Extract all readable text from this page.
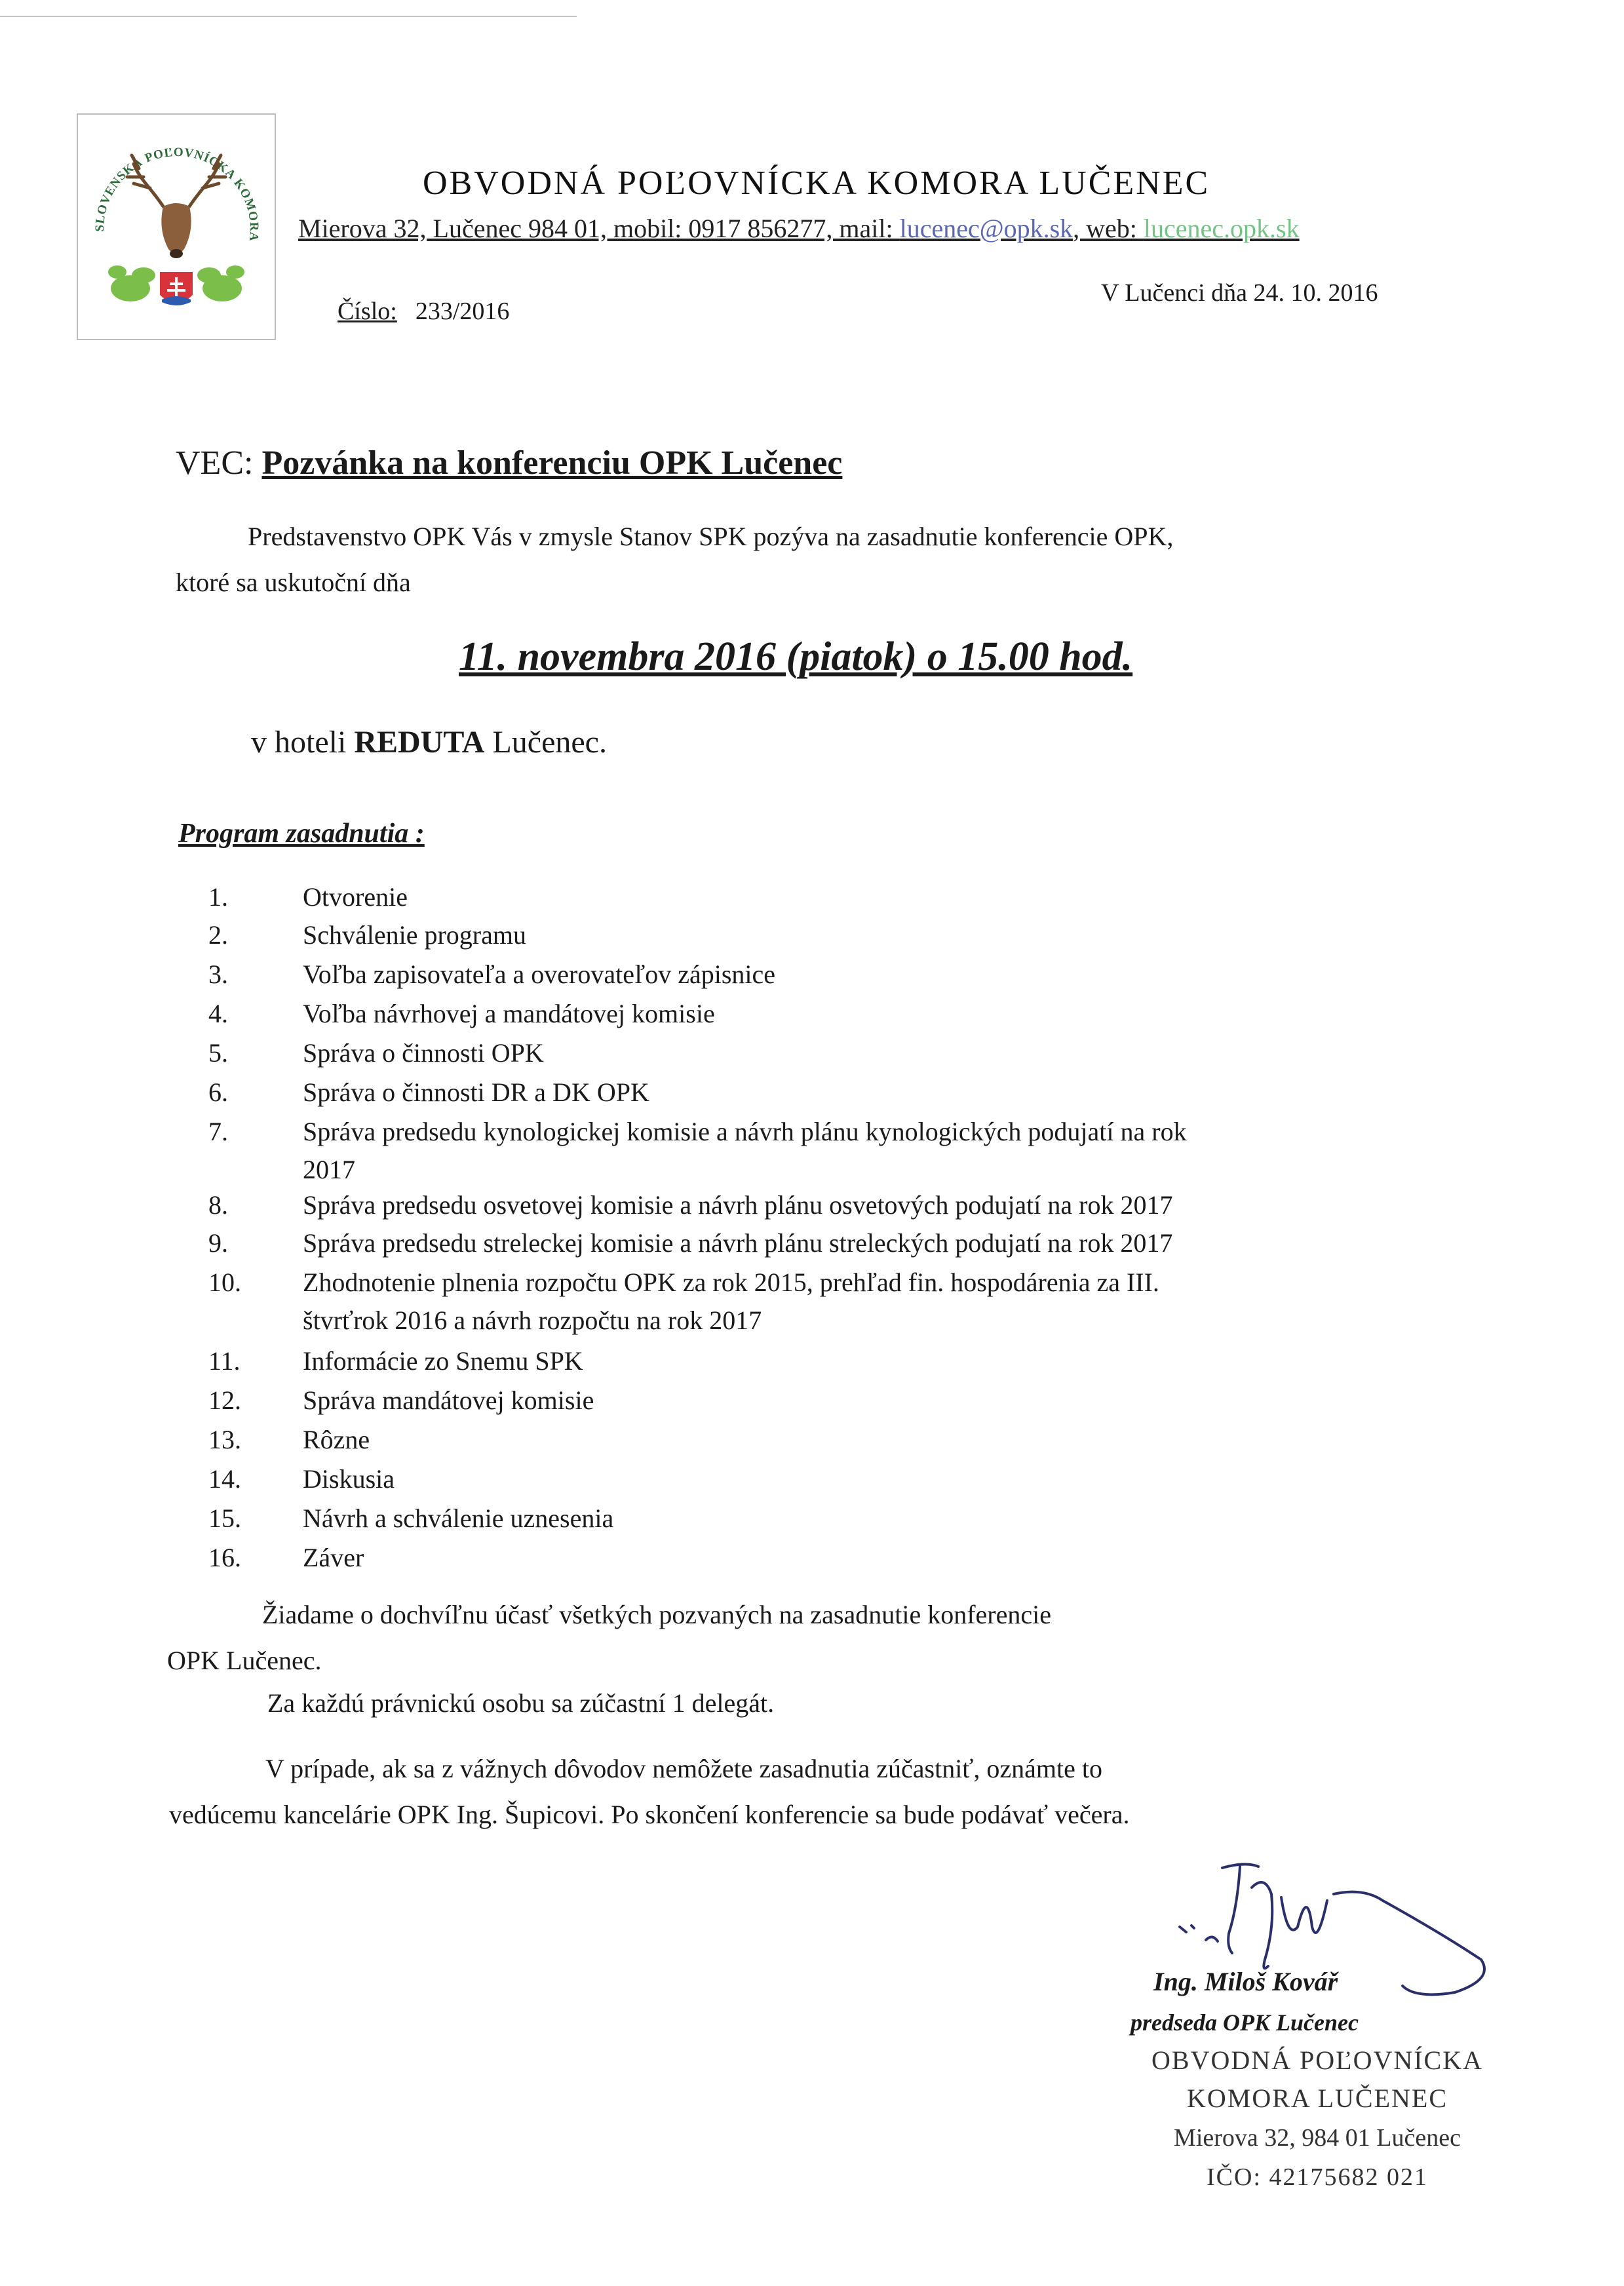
SLOVENSKÁ POĽOVNÍCKA KOMORA
OBVODNÁ POĽOVNÍCKA KOMORA LUČENEC
Mierova 32, Lučenec 984 01, mobil: 0917 856277, mail: lucenec@opk.sk, web: lucenec.opk.sk
Číslo: 233/2016
V Lučenci dňa 24. 10. 2016
VEC: Pozvánka na konferenciu OPK Lučenec
Predstavenstvo OPK Vás v zmysle Stanov SPK pozýva na zasadnutie konferencie OPK,
ktoré sa uskutoční dňa
11. novembra 2016 (piatok) o 15.00 hod.
v hoteli REDUTA Lučenec.
Program zasadnutia :
1.	Otvorenie
2.	Schválenie programu
3.	Voľba zapisovateľa a overovateľov zápisnice
4.	Voľba návrhovej a mandátovej komisie
5.	Správa o činnosti OPK
6.	Správa o činnosti DR a DK OPK
7.	Správa predsedu kynologickej komisie a návrh plánu kynologických podujatí na rok
2017
8.	Správa predsedu osvetovej komisie a návrh plánu osvetových podujatí na rok 2017
9.	Správa predsedu streleckej komisie a návrh plánu streleckých podujatí na rok 2017
10. Zhodnotenie plnenia rozpočtu OPK za rok 2015, prehľad fin. hospodárenia za III.
štvrťrok 2016 a návrh rozpočtu na rok 2017
11. Informácie zo Snemu SPK
12. Správa mandátovej komisie
13. Rôzne
14. Diskusia
15. Návrh a schválenie uznesenia
16. Záver
Žiadame o dochvíľnu účasť všetkých pozvaných na zasadnutie konferencie
OPK Lučenec.
Za každú právnickú osobu sa zúčastní 1 delegát.
V prípade, ak sa z vážnych dôvodov nemôžete zasadnutia zúčastniť, oznámte to
vedúcemu kancelárie OPK Ing. Šupicovi. Po skončení konferencie sa bude podávať večera.
Ing. Miloš Kovář
predseda OPK Lučenec
OBVODNÁ POĽOVNÍCKA
KOMORA LUČENEC
Mierova 32, 984 01 Lučenec
IČO: 42175682 021
